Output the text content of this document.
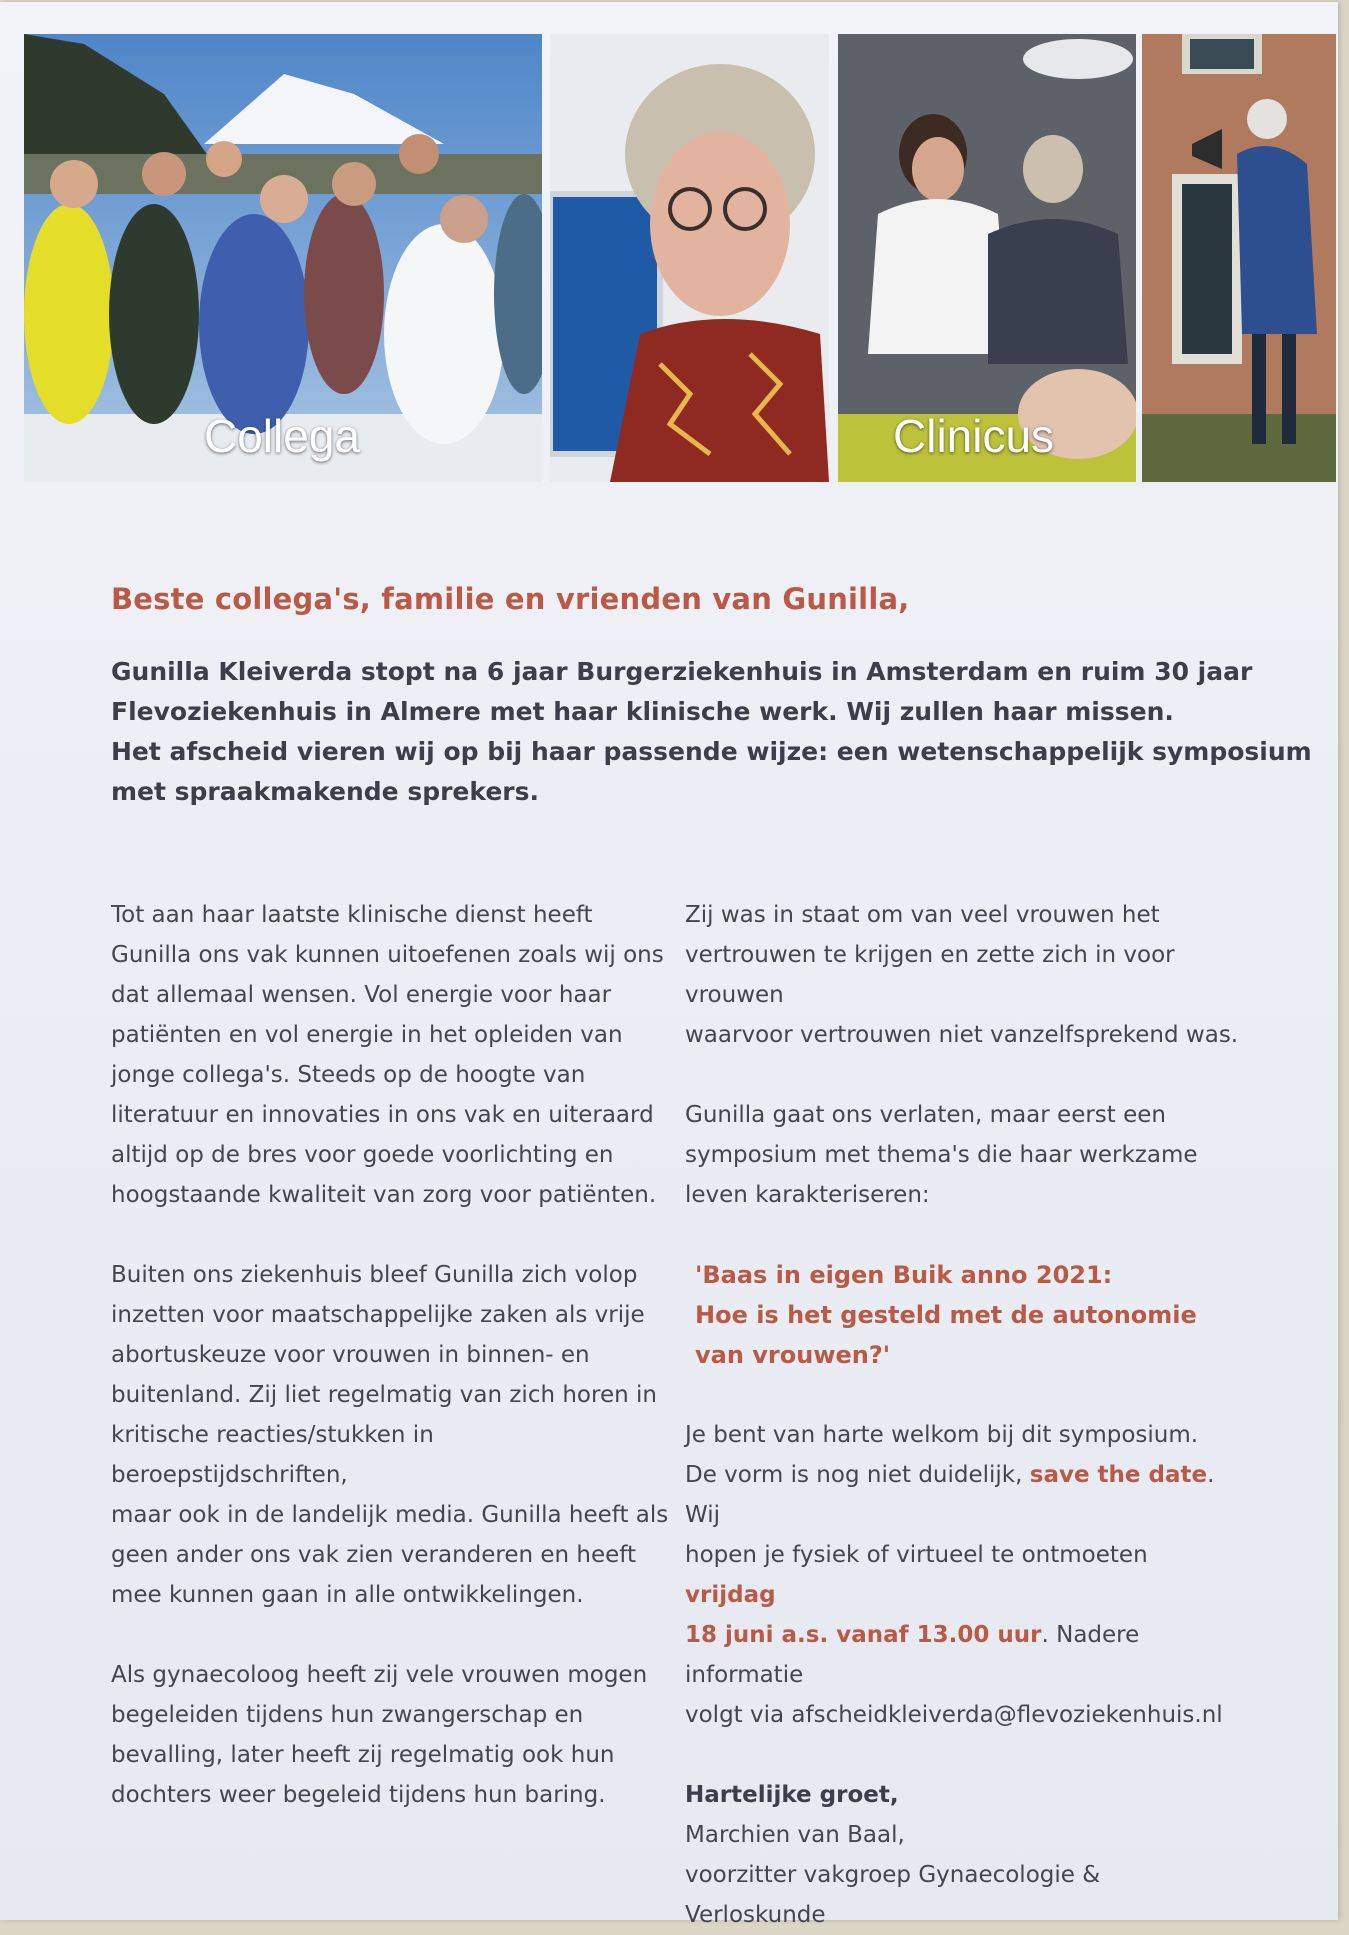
Collega	Clinicus
Beste collega's, familie en vrienden van Gunilla,
Gunilla Kleiverda stopt na 6 jaar Burgerziekenhuis in Amsterdam en ruim 30 jaar
Flevoziekenhuis in Almere met haar klinische werk. Wij zullen haar missen.
Het afscheid vieren wij op bij haar passende wijze: een wetenschappelijk symposium
met spraakmakende sprekers.

Tot aan haar laatste klinische dienst heeft
Gunilla ons vak kunnen uitoefenen zoals wij ons
dat allemaal wensen. Vol energie voor haar
patiënten en vol energie in het opleiden van
jonge collega's. Steeds op de hoogte van
literatuur en innovaties in ons vak en uiteraard
altijd op de bres voor goede voorlichting en
hoogstaande kwaliteit van zorg voor patiënten.

Buiten ons ziekenhuis bleef Gunilla zich volop
inzetten voor maatschappelijke zaken als vrije
abortuskeuze voor vrouwen in binnen- en
buitenland. Zij liet regelmatig van zich horen in
kritische reacties/stukken in beroepstijdschriften,
maar ook in de landelijk media. Gunilla heeft als
geen ander ons vak zien veranderen en heeft
mee kunnen gaan in alle ontwikkelingen.

Als gynaecoloog heeft zij vele vrouwen mogen
begeleiden tijdens hun zwangerschap en
bevalling, later heeft zij regelmatig ook hun
dochters weer begeleid tijdens hun baring.

Zij was in staat om van veel vrouwen het
vertrouwen te krijgen en zette zich in voor vrouwen
waarvoor vertrouwen niet vanzelfsprekend was.

Gunilla gaat ons verlaten, maar eerst een
symposium met thema's die haar werkzame
leven karakteriseren:

'Baas in eigen Buik anno 2021:
Hoe is het gesteld met de autonomie
van vrouwen?'

Je bent van harte welkom bij dit symposium.
De vorm is nog niet duidelijk, save the date. Wij
hopen je fysiek of virtueel te ontmoeten vrijdag
18 juni a.s. vanaf 13.00 uur. Nadere informatie
volgt via afscheidkleiverda@flevoziekenhuis.nl

Hartelijke groet,

Marchien van Baal,

voorzitter vakgroep Gynaecologie &
Verloskunde
